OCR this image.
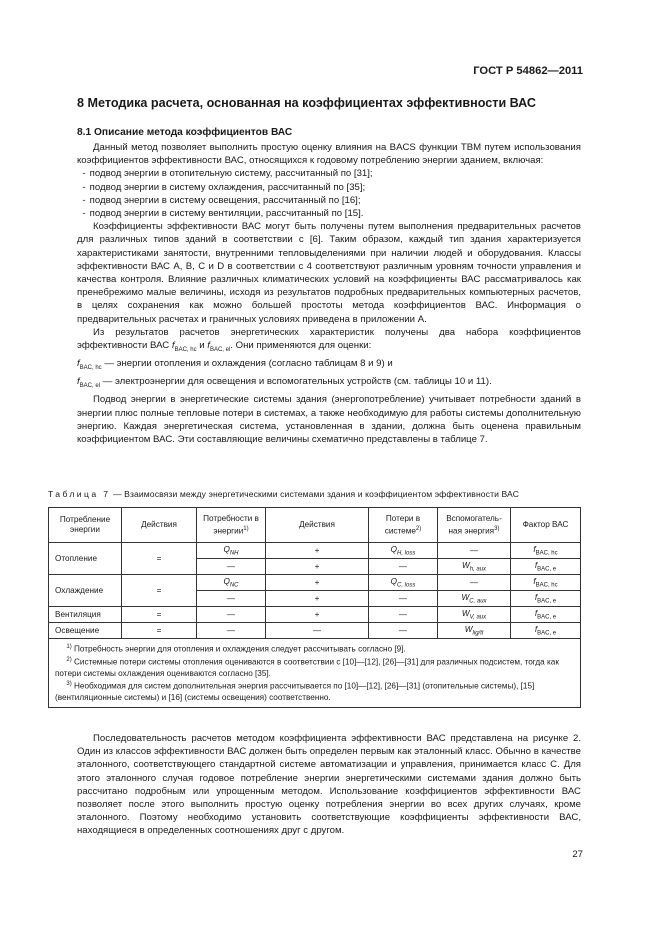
ГОСТ Р 54862—2011
8 Методика расчета, основанная на коэффициентах эффективности ВАС
8.1 Описание метода коэффициентов ВАС

Данный метод позволяет выполнить простую оценку влияния на BACS функции ТВМ путем использования коэффициентов эффективности ВАС, относящихся к годовому потреблению энергии зданием, включая:

- подвод энергии в отопительную систему, рассчитанный по [31];

- подвод энергии в систему охлаждения, рассчитанный по [35];

- подвод энергии в систему освещения, рассчитанный по [16];

- подвод энергии в систему вентиляции, рассчитанный по [15].

Коэффициенты эффективности ВАС могут быть получены путем выполнения предварительных расчетов для различных типов зданий в соответствии с [6]. Таким образом, каждый тип здания характеризуется характеристиками занятости, внутренними тепловыделениями при наличии людей и оборудования. Классы эффективности ВАС А, В, С и D в соответствии с 4 соответствуют различным уровням точности управления и качества контроля. Влияние различных климатических условий на коэффициенты ВАС рассматривалось как пренебрежимо малые величины, исходя из результатов подробных предварительных компьютерных расчетов, в целях сохранения как можно большей простоты метода коэффициентов ВАС. Информация о предварительных расчетах и граничных условиях приведена в приложении А.

Из результатов расчетов энергетических характеристик получены два набора коэффициентов эффективности ВАС $f_{BAC, hc}$ и $f_{BAC, el}$. Они применяются для оценки:

$f_{BAC, hc}$ — энергии отопления и охлаждения (согласно таблицам 8 и 9) и

$f_{BAC, el}$ — электроэнергии для освещения и вспомогательных устройств (см. таблицы 10 и 11).

Подвод энергии в энергетические системы здания (энергопотребление) учитывает потребности зданий в энергии плюс полные тепловые потери в системах, а также необходимую для работы системы дополнительную энергию. Каждая энергетическая система, установленная в здании, должна быть оценена правильным коэффициентом ВАС. Эти составляющие величины схематично представлены в таблице 7.

Таблица 7 — Взаимосвязи между энергетическими системами здания и коэффициентом эффективности ВАС
Потребление энергии	Действия	Потребности в энергии$^{1)}$	Действия	Потери в системе$^{2)}$	Вспомогатель-ная энергия$^{3)}$	Фактор ВАС
Отопление	=	$Q_{NH}$	+	$Q_{H, loss}$	—	$f_{BAC, hc}$
		—	+	—	$W_{h, aux}$	$f_{BAC, e}$
Охлаждение	=	$Q_{NC}$	+	$Q_{C, loss}$	—	$f_{BAC, hc}$
		—	+	—	$W_{C, aux}$	$f_{BAC, e}$
Вентиляция	=	—	+	—	$W_{V, aux}$	$f_{BAC, e}$
Освещение	=	—	—	—	$W_{lig/tl}$	$f_{BAC, e}$

$^{1)}$ Потребность энергии для отопления и охлаждения следует рассчитывать согласно [9].

$^{2)}$ Системные потери системы отопления оцениваются в соответствии с [10]—[12], [26]—[31] для различных подсистем, тогда как потери системы охлаждения оцениваются согласно [35].

$^{3)}$ Необходимая для систем дополнительная энергия рассчитывается по [10]—[12], [26]—[31] (отопительные системы), [15] (вентиляционные системы) и [16] (системы освещения) соответственно.						

Последовательность расчетов методом коэффициента эффективности ВАС представлена на рисунке 2. Один из классов эффективности ВАС должен быть определен первым как эталонный класс. Обычно в качестве эталонного, соответствующего стандартной системе автоматизации и управления, принимается класс С. Для этого эталонного случая годовое потребление энергии энергетическими системами здания должно быть рассчитано подробным или упрощенным методом. Использование коэффициентов эффективности ВАС позволяет после этого выполнить простую оценку потребления энергии во всех других случаях, кроме эталонного. Поэтому необходимо установить соответствующие коэффициенты эффективности ВАС, находящиеся в определенных соотношениях друг с другом.

27
